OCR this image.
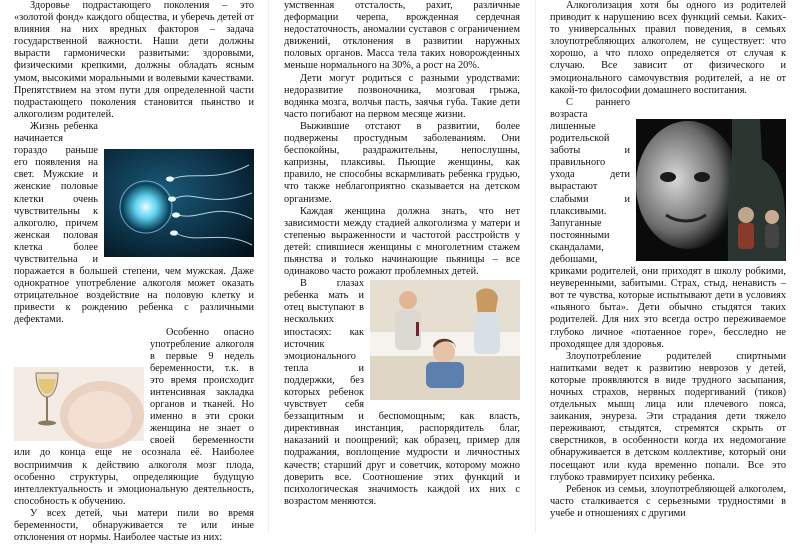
Здоровье подрастающего поколения – это «золотой фонд» каждого общества, и уберечь детей от влияния на них вредных факторов – задача государственной важности. Наши дети должны вырасти гармонически развитыми: здоровыми, физическими крепкими, должны обладать ясным умом, высокими моральными и волевыми качествами. Препятствием на этом пути для определенной части подрастающего поколения становится пьянство и алкоголизм родителей.

Жизнь ребенка начинается гораздо раньше его появления на свет. Мужские и женские половые клетки очень чувствительны к алкоголю, причем женская половая клетка более чувствительна и поражается в большей степени, чем мужская. Даже однократное употребление алкоголя может оказать отрицательное воздействие на половую клетку и привести к рождению ребенка с различными дефектами.

Особенно опасно употребление алкоголя в первые 9 недель беременности, т.к. в это время происходит интенсивная закладка органов и тканей. Но именно в эти сроки женщина не знает о своей беременности или до конца еще не осознала её. Наиболее восприимчив к действию алкоголя мозг плода, особенно структуры, определяющие будущую интеллектуальность и эмоциональную деятельность, способность к обучению.

У всех детей, чьи матери пили во время беременности, обнаруживается те или иные отклонения от нормы. Наиболее частые из них:

умственная отсталость, рахит, различные деформации черепа, врожденная сердечная недостаточность, аномалии суставов с ограничением движений, отклонения в развитии наружных половых органов. Масса тела таких новорожденных меньше нормального на 30%, а рост на 20%.

Дети могут родиться с разными уродствами: недоразвитие позвоночника, мозговая грыжа, водянка мозга, волчья пасть, заячья губа. Такие дети часто погибают на первом месяце жизни.

Выжившие отстают в развитии, более подвержены простудным заболеваниям. Они беспокойны, раздражительны, непослушны, капризны, плаксивы. Пьющие женщины, как правило, не способны вскармливать ребенка грудью, что также неблагоприятно сказывается на детском организме.

Каждая женщина должна знать, что нет зависимости между стадией алкоголизма у матери и степенью выраженности и частотой расстройств у детей: спившиеся женщины с многолетним стажем пьянства и только начинающие пьяницы – все одинаково часто рожают проблемных детей.

В глазах ребенка мать и отец выступают в нескольких ипостасях: как источник эмоционального тепла и поддержки, без которых ребенок чувствует себя беззащитным и беспомощным; как власть, директивная инстанция, распорядитель благ, наказаний и поощрений; как образец, пример для подражания, воплощение мудрости и личностных качеств; старший друг и советчик, которому можно доверить все. Соотношение этих функций и психологическая значимость каждой их них с возрастом меняются.

Алкоголизация хотя бы одного из родителей приводит к нарушению всех функций семьи. Каких-то универсальных правил поведения, в семьях злоупотребляющих алкоголем, не существует: что хорошо, а что плохо определяется от случая к случаю. Все зависит от физического и эмоционального самочувствия родителей, а не от какой-то философии домашнего воспитания.

С раннего возраста лишенные родительской заботы и правильного ухода дети вырастают слабыми и плаксивыми. Запуганные постоянными скандалами, дебошами, криками родителей, они приходят в школу робкими, неуверенными, забитыми. Страх, стыд, ненависть – вот те чувства, которые испытывают дети в условиях «пьяного быта». Дети обычно стыдятся таких родителей. Для них это всегда остро переживаемое глубоко личное «потаенное горе», бесследно не проходящее для здоровья.

Злоупотребление родителей спиртными напитками ведет к развитию неврозов у детей, которые проявляются в виде трудного засыпания, ночных страхов, нервных подергиваний (тиков) отдельных мышц лица или плечевого пояса, заикания, энуреза. Эти страдания дети тяжело переживают, стыдятся, стремятся скрыть от сверстников, в особенности когда их недомогание обнаруживается в детском коллективе, который они посещают или куда временно попали. Все это глубоко травмирует психику ребенка.

Ребенок из семьи, злоупотребляющей алкоголем, часто сталкивается с серьезными трудностями в учебе и отношениях с другими
